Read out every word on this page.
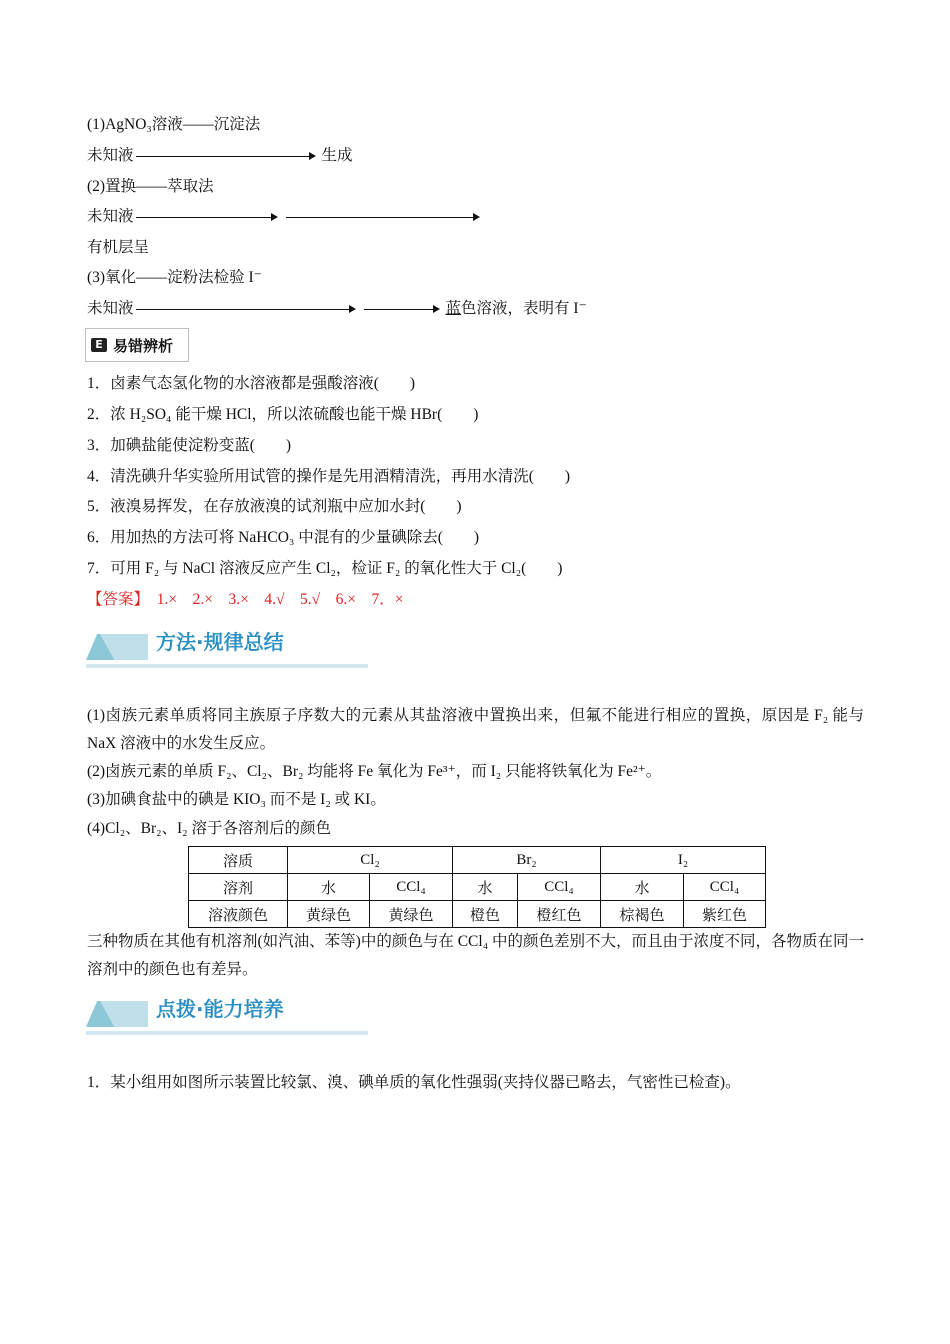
(1)AgNO₃溶液——沉淀法
未知液	生成
(2)置换——萃取法
未知液
有机层呈
(3)氧化——淀粉法检验 I⁻
未知液	蓝 色溶液，表明有 I⁻
E 易错辨析
1．卤素气态氢化物的水溶液都是强酸溶液(　　)
2．浓 H₂SO₄ 能干燥 HCl，所以浓硫酸也能干燥 HBr(　　)
3．加碘盐能使淀粉变蓝(　　)
4．清洗碘升华实验所用试管的操作是先用酒精清洗，再用水清洗(　　)
5．液溴易挥发，在存放液溴的试剂瓶中应加水封(　　)
6．用加热的方法可将 NaHCO₃ 中混有的少量碘除去(　　)
7．可用 F₂ 与 NaCl 溶液反应产生 Cl₂，检证 F₂ 的氧化性大于 Cl₂(　　)
【答案】　1.×　2.×　3.×　4.√　5.√　6.×　7．×
方法·规律总结
(1)卤族元素单质将同主族原子序数大的元素从其盐溶液中置换出来，但氟不能进行相应的置换，原因是 F₂ 能与 NaX 溶液中的水发生反应。
(2)卤族元素的单质 F₂、Cl₂、Br₂ 均能将 Fe 氧化为 Fe³⁺，而 I₂ 只能将铁氧化为 Fe²⁺。
(3)加碘食盐中的碘是 KIO₃ 而不是 I₂ 或 KI。
(4)Cl₂、Br₂、I₂ 溶于各溶剂后的颜色
溶质	Cl₂		Br₂		I₂	
溶剂	水	CCl₄	水	CCl₄	水	CCl₄
溶液颜色	黄绿色	黄绿色	橙色	橙红色	棕褐色	紫红色
三种物质在其他有机溶剂(如汽油、苯等)中的颜色与在 CCl₄ 中的颜色差别不大，而且由于浓度不同，各物质在同一溶剂中的颜色也有差异。
点拨·能力培养
1．某小组用如图所示装置比较氯、溴、碘单质的氧化性强弱(夹持仪器已略去，气密性已检查)。
